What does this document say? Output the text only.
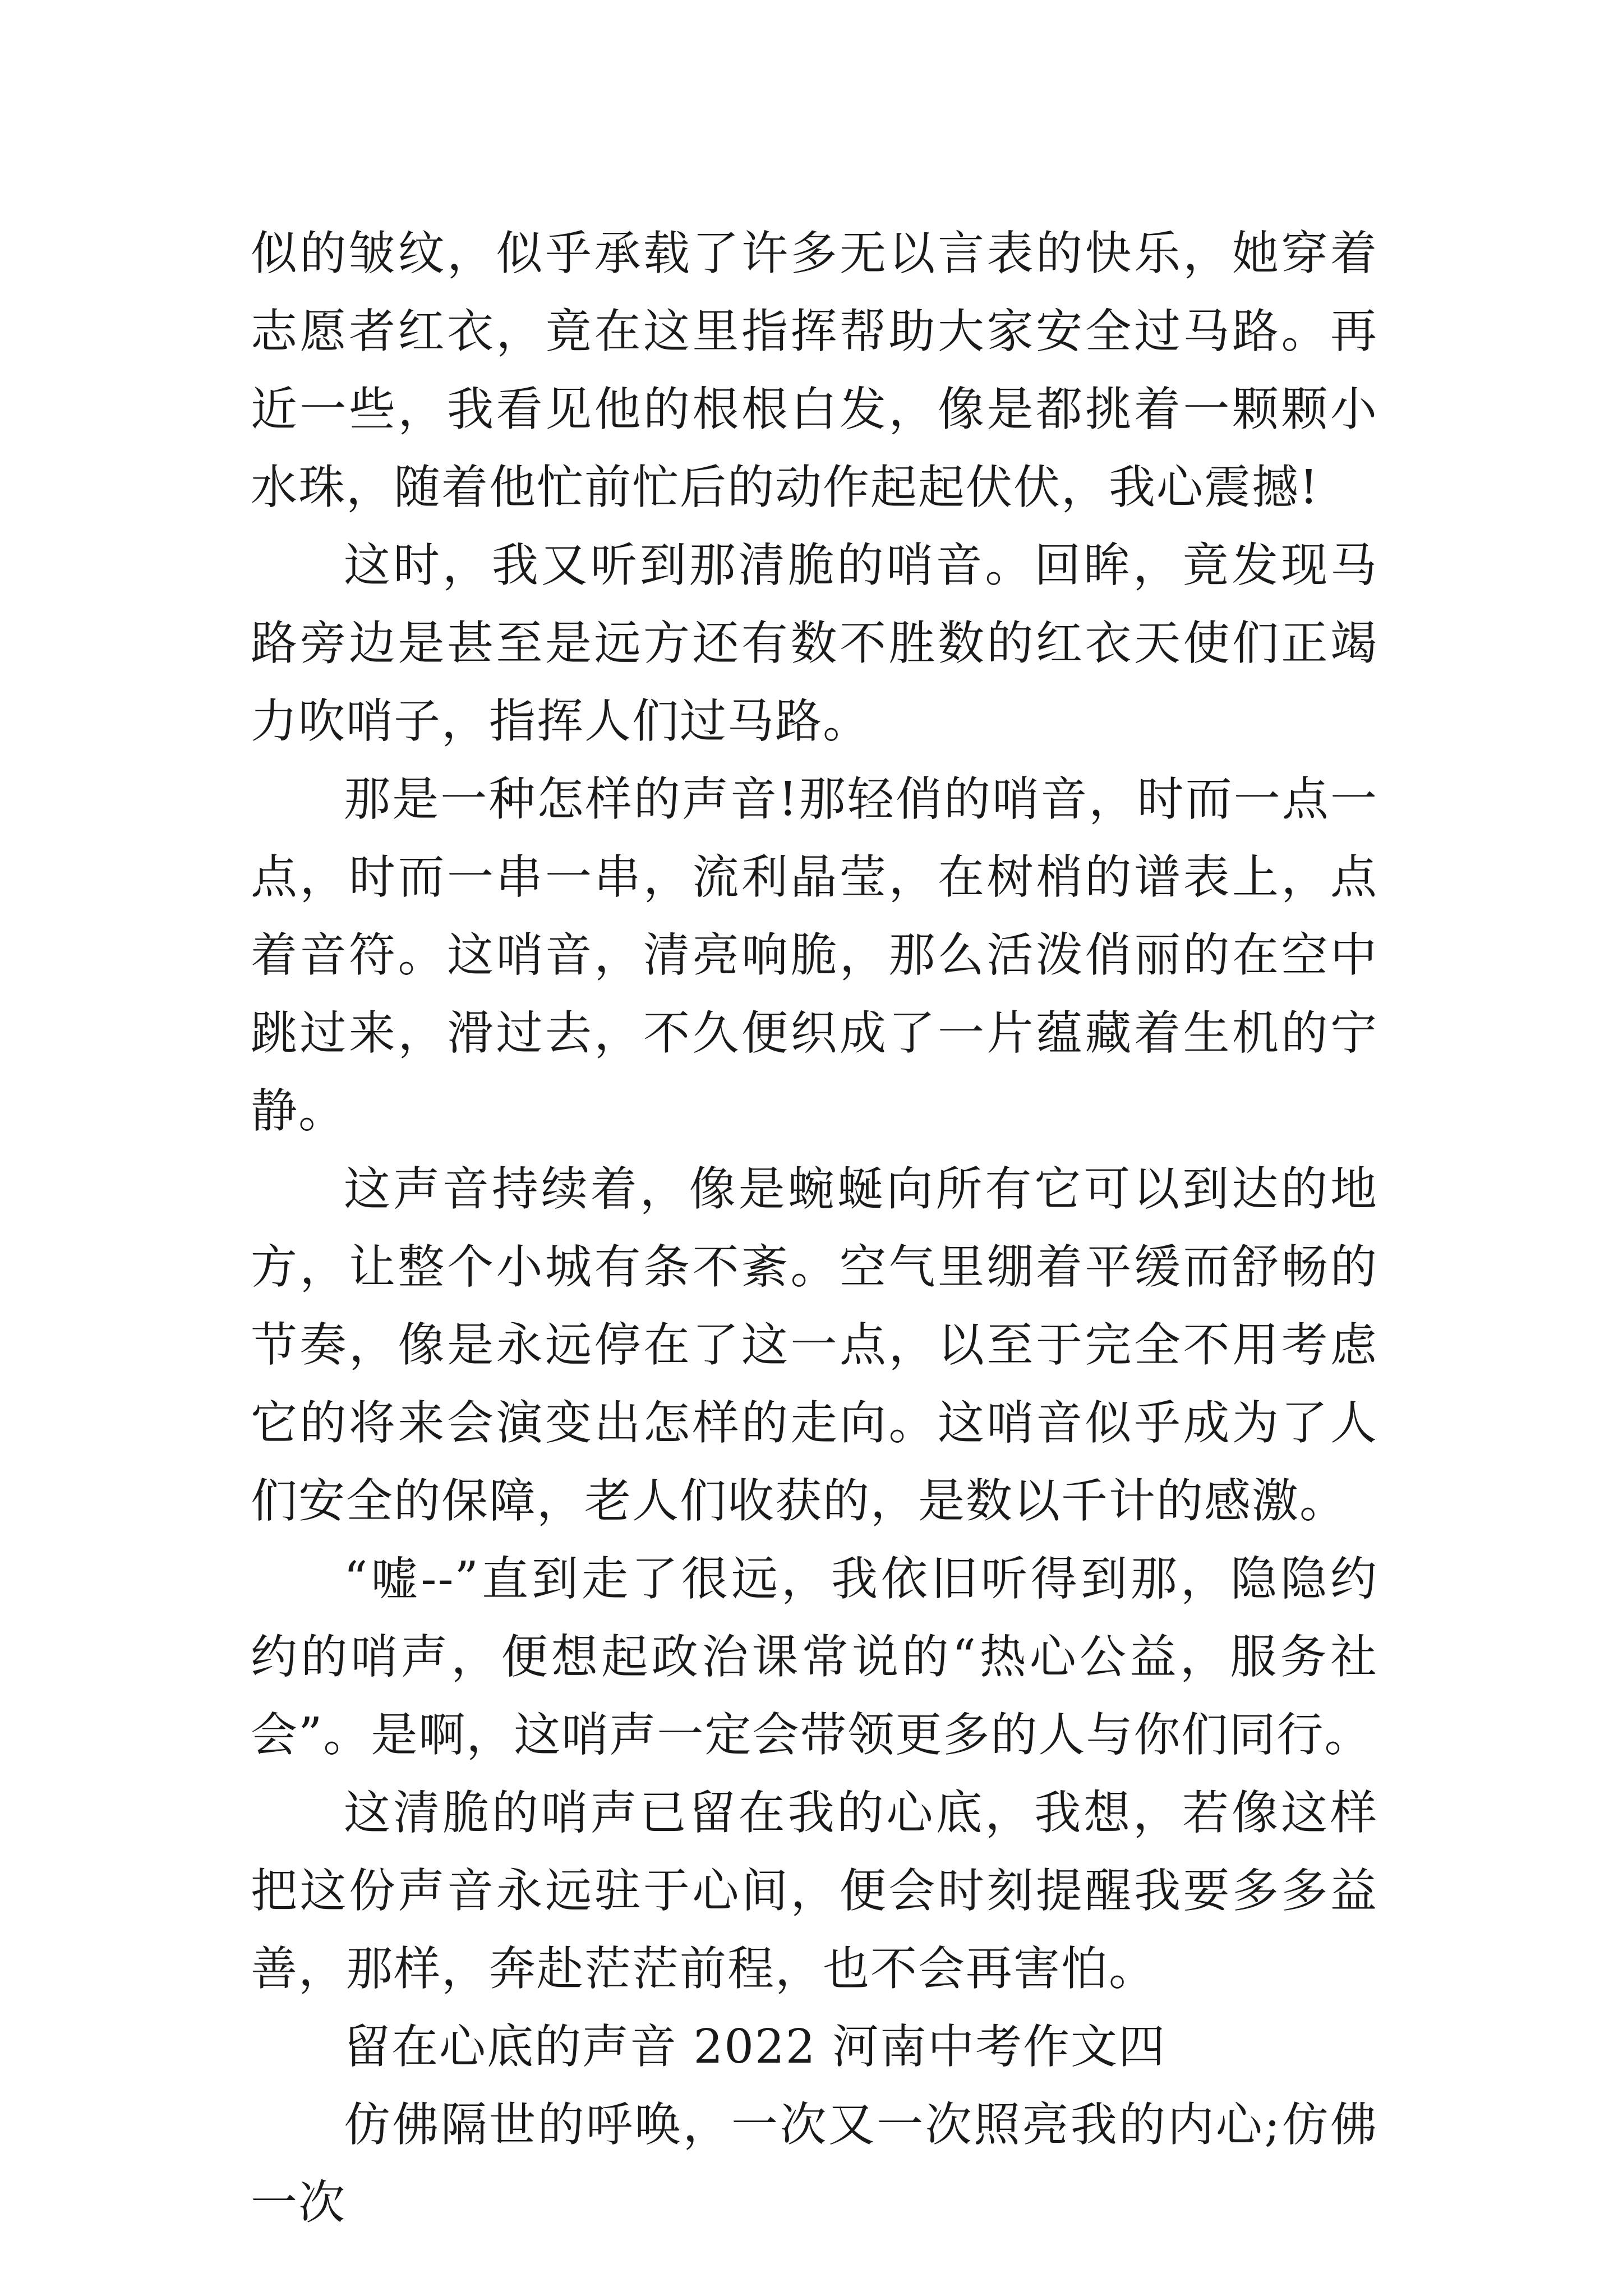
似的皱纹，似乎承载了许多无以言表的快乐，她穿着志愿者红衣，竟在这里指挥帮助大家安全过马路。再近一些，我看见他的根根白发，像是都挑着一颗颗小水珠，随着他忙前忙后的动作起起伏伏，我心震撼!

这时，我又听到那清脆的哨音。回眸，竟发现马路旁边是甚至是远方还有数不胜数的红衣天使们正竭力吹哨子，指挥人们过马路。

那是一种怎样的声音!那轻俏的哨音，时而一点一点，时而一串一串，流利晶莹，在树梢的谱表上，点着音符。这哨音，清亮响脆，那么活泼俏丽的在空中跳过来，滑过去，不久便织成了一片蕴藏着生机的宁静。

这声音持续着，像是蜿蜒向所有它可以到达的地方，让整个小城有条不紊。空气里绷着平缓而舒畅的节奏，像是永远停在了这一点，以至于完全不用考虑它的将来会演变出怎样的走向。这哨音似乎成为了人们安全的保障，老人们收获的，是数以千计的感激。

“嘘--”直到走了很远，我依旧听得到那，隐隐约约的哨声，便想起政治课常说的“热心公益，服务社会”。是啊，这哨声一定会带领更多的人与你们同行。

这清脆的哨声已留在我的心底，我想，若像这样把这份声音永远驻于心间，便会时刻提醒我要多多益善，那样，奔赴茫茫前程，也不会再害怕。

留在心底的声音 2022 河南中考作文四

仿佛隔世的呼唤，一次又一次照亮我的内心;仿佛一次
